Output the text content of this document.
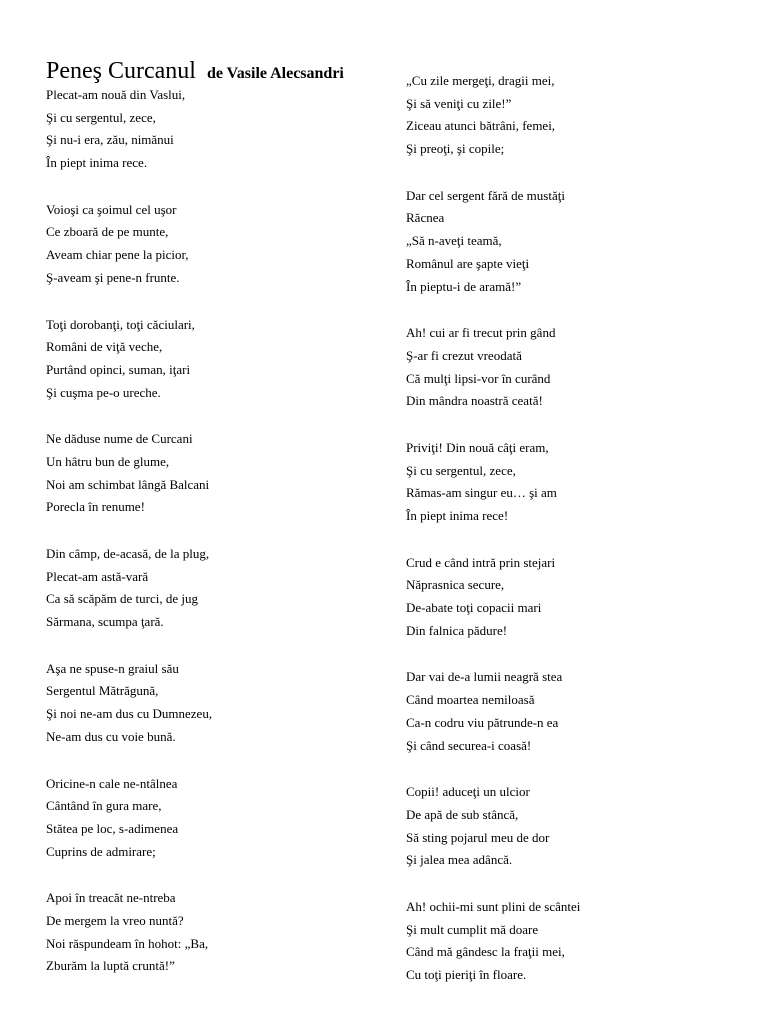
Peneş Curcanul de Vasile Alecsandri
Plecat-am nouă din Vaslui,
Şi cu sergentul, zece,
Şi nu-i era, zău, nimănui
În piept inima rece.
Voioşi ca şoimul cel uşor
Ce zboară de pe munte,
Aveam chiar pene la picior,
Ş-aveam şi pene-n frunte.
Toţi dorobanţi, toţi căciulari,
Români de viţă veche,
Purtând opinci, suman, iţari
Şi cuşma pe-o ureche.
Ne dăduse nume de Curcani
Un hâtru bun de glume,
Noi am schimbat lângă Balcani
Porecla în renume!
Din câmp, de-acasă, de la plug,
Plecat-am astă-vară
Ca să scăpăm de turci, de jug
Sărmana, scumpa ţară.
Aşa ne spuse-n graiul său
Sergentul Mătrăgună,
Şi noi ne-am dus cu Dumnezeu,
Ne-am dus cu voie bună.
Oricine-n cale ne-ntâlnea
Cântând în gura mare,
Stătea pe loc, s-adimenea
Cuprins de admirare;
Apoi în treacăt ne-ntreba
De mergem la vreo nuntă?
Noi răspundeam în hohot: „Ba,
Zburăm la luptă cruntă!”
„Cu zile mergeţi, dragii mei,
Şi să veniţi cu zile!”
Ziceau atunci bătrâni, femei,
Şi preoţi, şi copile;
Dar cel sergent fără de mustăţi
Răcnea
„Să n-aveţi teamă,
Românul are şapte vieţi
În pieptu-i de aramă!”
Ah! cui ar fi trecut prin gând
Ş-ar fi crezut vreodată
Că mulţi lipsi-vor în curând
Din mândra noastră ceată!
Priviţi! Din nouă câţi eram,
Şi cu sergentul, zece,
Rămas-am singur eu… şi am
În piept inima rece!
Crud e când intră prin stejari
Năprasnica secure,
De-abate toţi copacii mari
Din falnica pădure!
Dar vai de-a lumii neagră stea
Când moartea nemiloasă
Ca-n codru viu pătrunde-n ea
Şi când securea-i coasă!
Copii! aduceţi un ulcior
De apă de sub stâncă,
Să sting pojarul meu de dor
Şi jalea mea adâncă.
Ah! ochii-mi sunt plini de scântei
Şi mult cumplit mă doare
Când mă gândesc la fraţii mei,
Cu toţi pieriţi în floare.
